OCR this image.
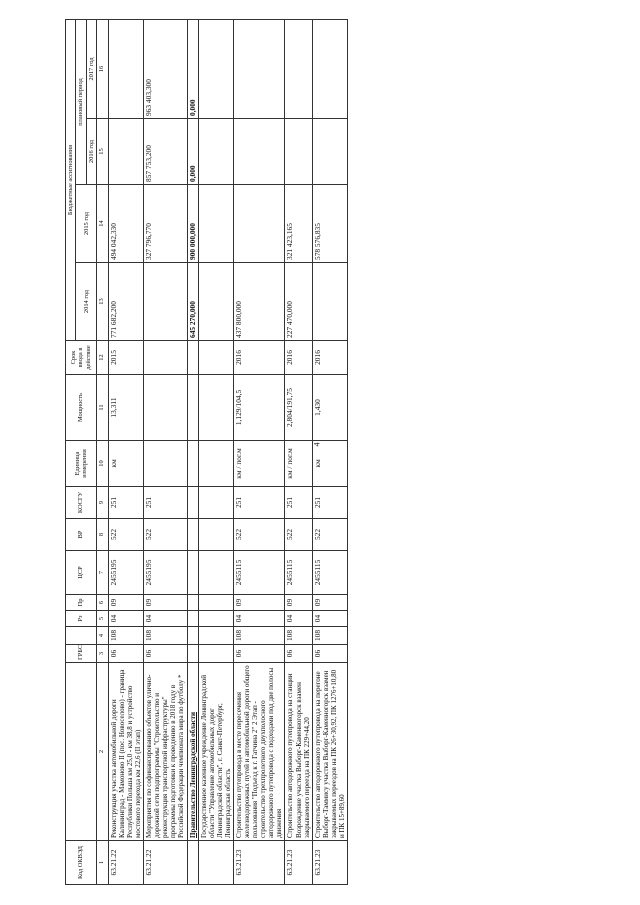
Код ОКВЭД		ГРБС		Рз	Пр	ЦСР	ВР	КОСГУ	Единица измерения	Мощность	Срок ввода в действие	Бюджетные ассигнования			
												2014 год	2015 год	плановый период	
														2016 год	2017 год
1	2	3	4	5	6	7	8	9	10	11	12	13	14	15	16
63.21.22	Реконструкция участка автомобильной дороги Калининград - Мамоново II (пос. Новоселово) - граница Республики Польша км 25,0 - км 38,8 и устройство мостового перехода км 22,6 (II этап)	06	108	04	09	2455195	522	251	км	13,311	2015	771 682,200	494 042,330		
63.21.22	Мероприятия по софинансированию объектов улично-дорожной сети подпрограммы "Строительство и реконструкция транспортной инфраструктуры" программы подготовки к проведению в 2018 году в Российской Федерации чемпионата мира по футболу *	06	108	04	09	2455195	522	251					327 796,770	857 753,200	963 403,300
	Правительство Ленинградской области											645 270,000	900 000,000	0,000	0,000
	Государственное казенное учреждение Ленинградской области "Управление автомобильных дорог Ленинградской области", г. Санкт-Петербург, Ленинградская область														
63.21.23	Строительство путепровода в месте пересечения железнодорожных путей и автомобильной дороги общего пользования "Подъезд к г. Гатчина 2" 2 Этап - строительство трехпролетного двухполосного автодорожного путепровода с подходами под две полосы движения	06	108	04	09	2455115	522	251	км / пог.м	1,129/104,5	2016	437 800,000			
63.21.23	Строительство автодорожного путепровода на станции Возрождение участка Выборг-Каменногорск взамен закрываемого переезда на ПК 229+44,20	06	108	04	09	2455115	522	251	км / пог.м	2,804/191,75	2016	227 470,000	321 423,165		
63.21.23	Строительство автодорожного путепровода на перегоне Выборг-Таммису участка Выборг-Каменногорск взамен закрываемых переездов на ПК 26+30,92, ПК 1276+10,80 и ПК 15+89,60	06	108	04	09	2455115	522	251	км	1,430	2016		578 576,835		
4
